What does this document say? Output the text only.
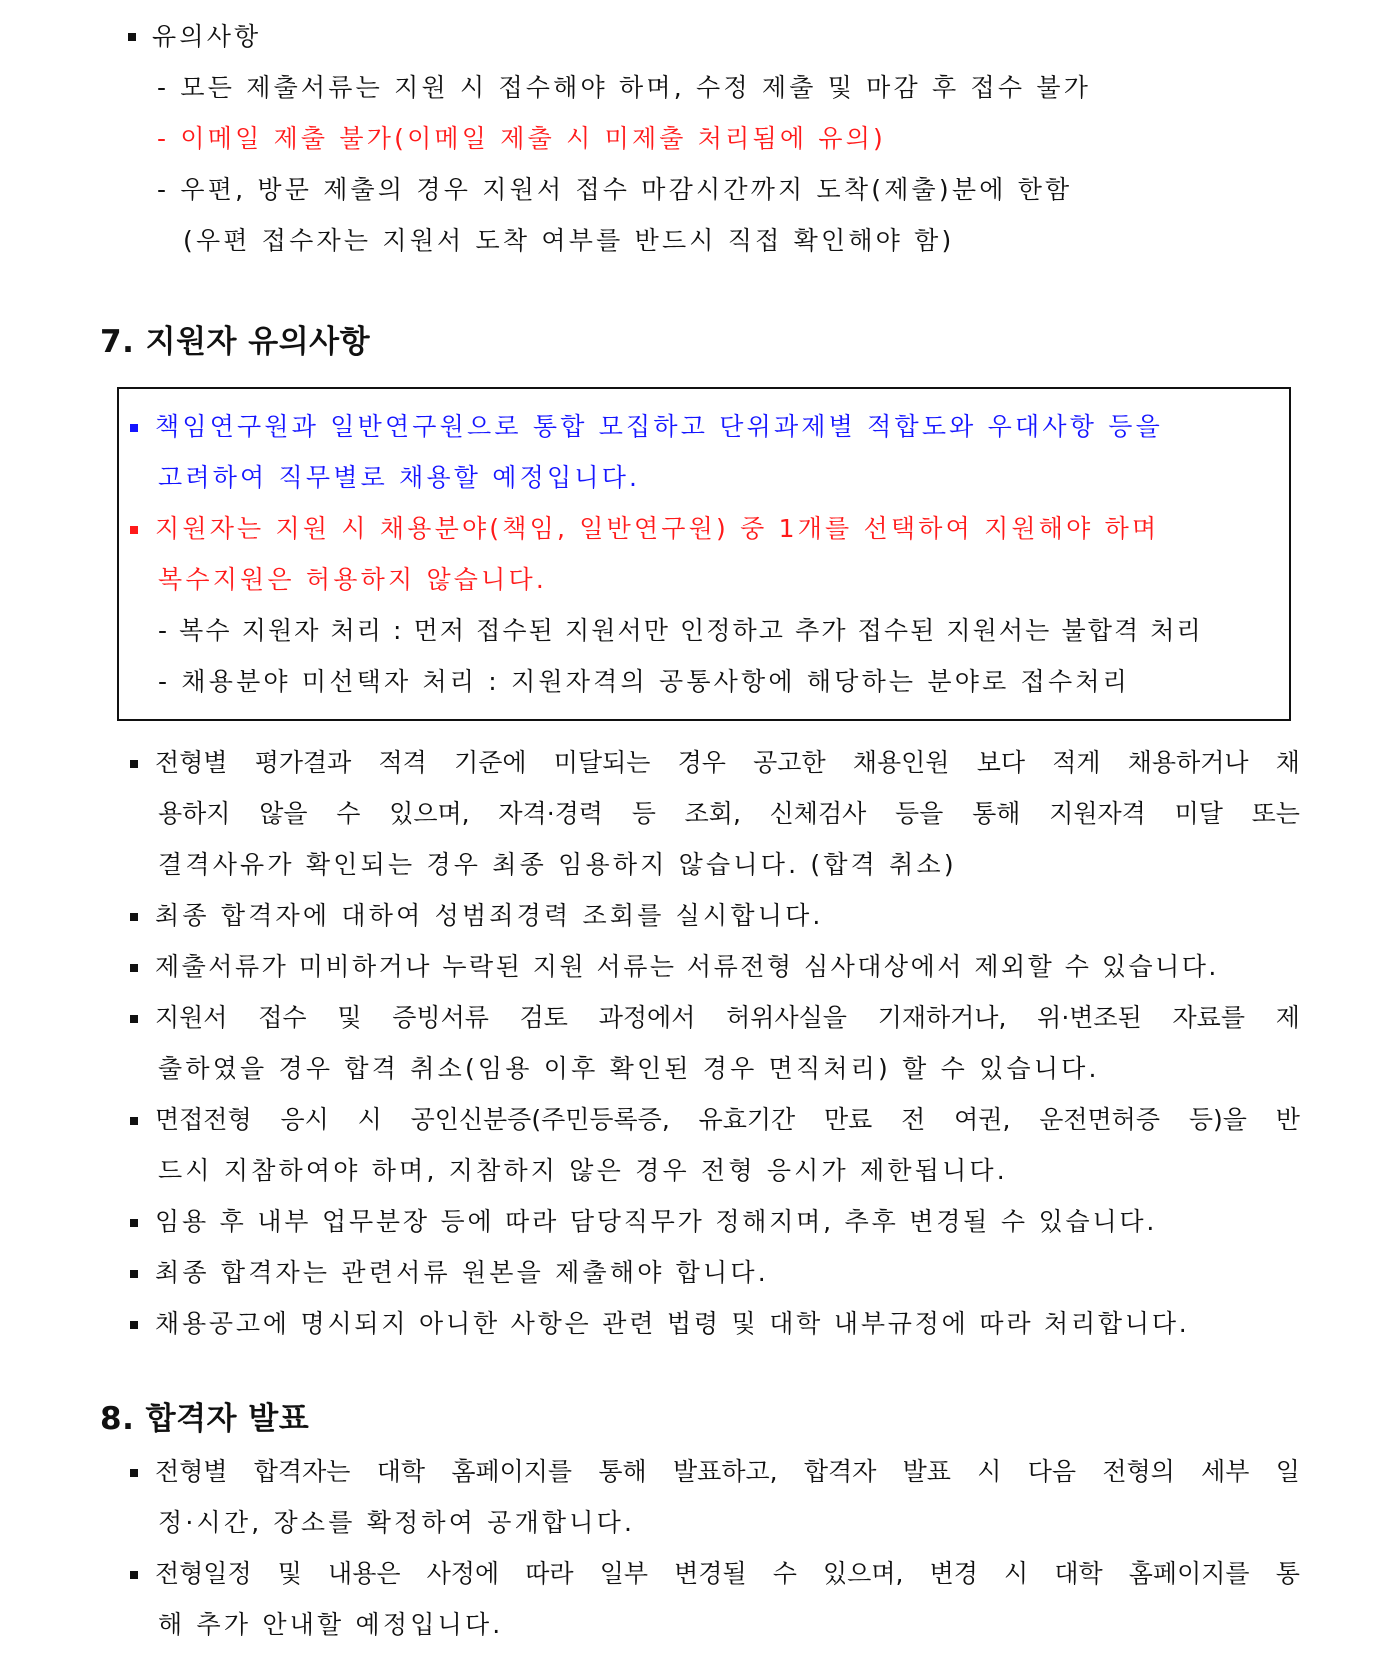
유의사항
- 모든 제출서류는 지원 시 접수해야 하며, 수정 제출 및 마감 후 접수 불가
- 이메일 제출 불가(이메일 제출 시 미제출 처리됨에 유의)
- 우편, 방문 제출의 경우 지원서 접수 마감시간까지 도착(제출)분에 한함
(우편 접수자는 지원서 도착 여부를 반드시 직접 확인해야 함)
7. 지원자 유의사항
책임연구원과 일반연구원으로 통합 모집하고 단위과제별 적합도와 우대사항 등을
고려하여 직무별로 채용할 예정입니다.
지원자는 지원 시 채용분야(책임, 일반연구원) 중 1개를 선택하여 지원해야 하며
복수지원은 허용하지 않습니다.
- 복수 지원자 처리 : 먼저 접수된 지원서만 인정하고 추가 접수된 지원서는 불합격 처리
- 채용분야 미선택자 처리 : 지원자격의 공통사항에 해당하는 분야로 접수처리
전형별 평가결과 적격 기준에 미달되는 경우 공고한 채용인원 보다 적게 채용하거나 채
용하지 않을 수 있으며, 자격·경력 등 조회, 신체검사 등을 통해 지원자격 미달 또는
결격사유가 확인되는 경우 최종 임용하지 않습니다. (합격 취소)
최종 합격자에 대하여 성범죄경력 조회를 실시합니다.
제출서류가 미비하거나 누락된 지원 서류는 서류전형 심사대상에서 제외할 수 있습니다.
지원서 접수 및 증빙서류 검토 과정에서 허위사실을 기재하거나, 위·변조된 자료를 제
출하였을 경우 합격 취소(임용 이후 확인된 경우 면직처리) 할 수 있습니다.
면접전형 응시 시 공인신분증(주민등록증, 유효기간 만료 전 여권, 운전면허증 등)을 반
드시 지참하여야 하며, 지참하지 않은 경우 전형 응시가 제한됩니다.
임용 후 내부 업무분장 등에 따라 담당직무가 정해지며, 추후 변경될 수 있습니다.
최종 합격자는 관련서류 원본을 제출해야 합니다.
채용공고에 명시되지 아니한 사항은 관련 법령 및 대학 내부규정에 따라 처리합니다.
8. 합격자 발표
전형별 합격자는 대학 홈페이지를 통해 발표하고, 합격자 발표 시 다음 전형의 세부 일
정·시간, 장소를 확정하여 공개합니다.
전형일정 및 내용은 사정에 따라 일부 변경될 수 있으며, 변경 시 대학 홈페이지를 통
해 추가 안내할 예정입니다.
